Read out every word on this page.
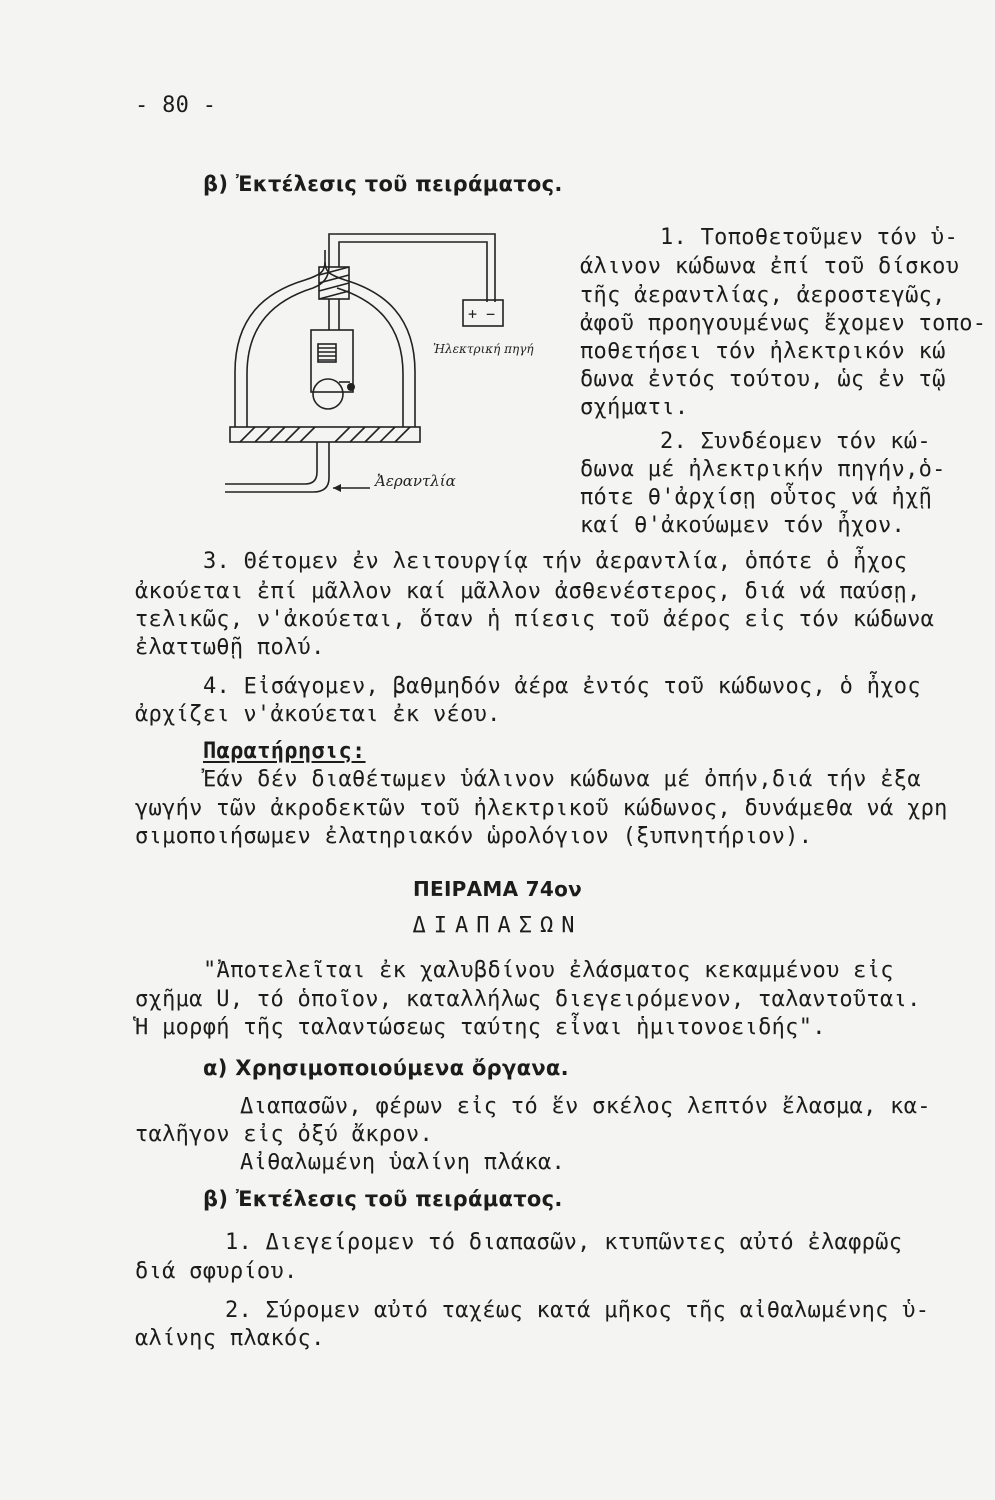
- 80 -
β) Ἐκτέλεσις τοῦ πειράματος.
+ −
Ἠλεκτρική πηγή
Ἀεραντλία
1. Τοποθετοῦμεν τόν ὑ-
άλινον κώδωνα ἐπί τοῦ δίσκου
τῆς ἀεραντλίας, ἀεροστεγῶς,
ἀφοῦ προηγουμένως ἔχομεν τοπο-
ποθετήσει τόν ἠλεκτρικόν κώ
δωνα ἐντός τούτου, ὡς ἐν τῷ
σχήματι.
2. Συνδέομεν τόν κώ-
δωνα μέ ἠλεκτρικήν πηγήν,ὁ-
πότε θ'ἀρχίσῃ οὗτος νά ἠχῇ
καί θ'ἀκούωμεν τόν ἦχον.
3. Θέτομεν ἐν λειτουργίᾳ τήν ἀεραντλία, ὁπότε ὁ ἦχος
ἀκούεται ἐπί μᾶλλον καί μᾶλλον ἀσθενέστερος, διά νά παύσῃ,
τελικῶς, ν'ἀκούεται, ὅταν ἡ πίεσις τοῦ ἀέρος εἰς τόν κώδωνα
ἐλαττωθῇ πολύ.
4. Εἰσάγομεν, βαθμηδόν ἀέρα ἐντός τοῦ κώδωνος, ὁ ἦχος
ἀρχίζει ν'ἀκούεται ἐκ νέου.
Παρατήρησις:
Ἐάν δέν διαθέτωμεν ὑάλινον κώδωνα μέ ὀπήν,διά τήν ἐξα
γωγήν τῶν ἀκροδεκτῶν τοῦ ἠλεκτρικοῦ κώδωνος, δυνάμεθα νά χρη
σιμοποιήσωμεν ἐλατηριακόν ὡρολόγιον (ξυπνητήριον).
ΠΕΙΡΑΜΑ 74ον
ΔΙΑΠΑΣΩΝ
"Ἀποτελεῖται ἐκ χαλυβδίνου ἐλάσματος κεκαμμένου εἰς
σχῆμα U, τό ὁποῖον, καταλλήλως διεγειρόμενον, ταλαντοῦται.
Ἡ μορφή τῆς ταλαντώσεως ταύτης εἶναι ἡμιτονοειδής".
α) Χρησιμοποιούμενα ὄργανα.
Διαπασῶν, φέρων εἰς τό ἕν σκέλος λεπτόν ἔλασμα, κα-
ταλῆγον εἰς ὀξύ ἄκρον.
Αἰθαλωμένη ὑαλίνη πλάκα.
β) Ἐκτέλεσις τοῦ πειράματος.
1. Διεγείρομεν τό διαπασῶν, κτυπῶντες αὐτό ἐλαφρῶς
διά σφυρίου.
2. Σύρομεν αὐτό ταχέως κατά μῆκος τῆς αἰθαλωμένης ὑ-
αλίνης πλακός.
